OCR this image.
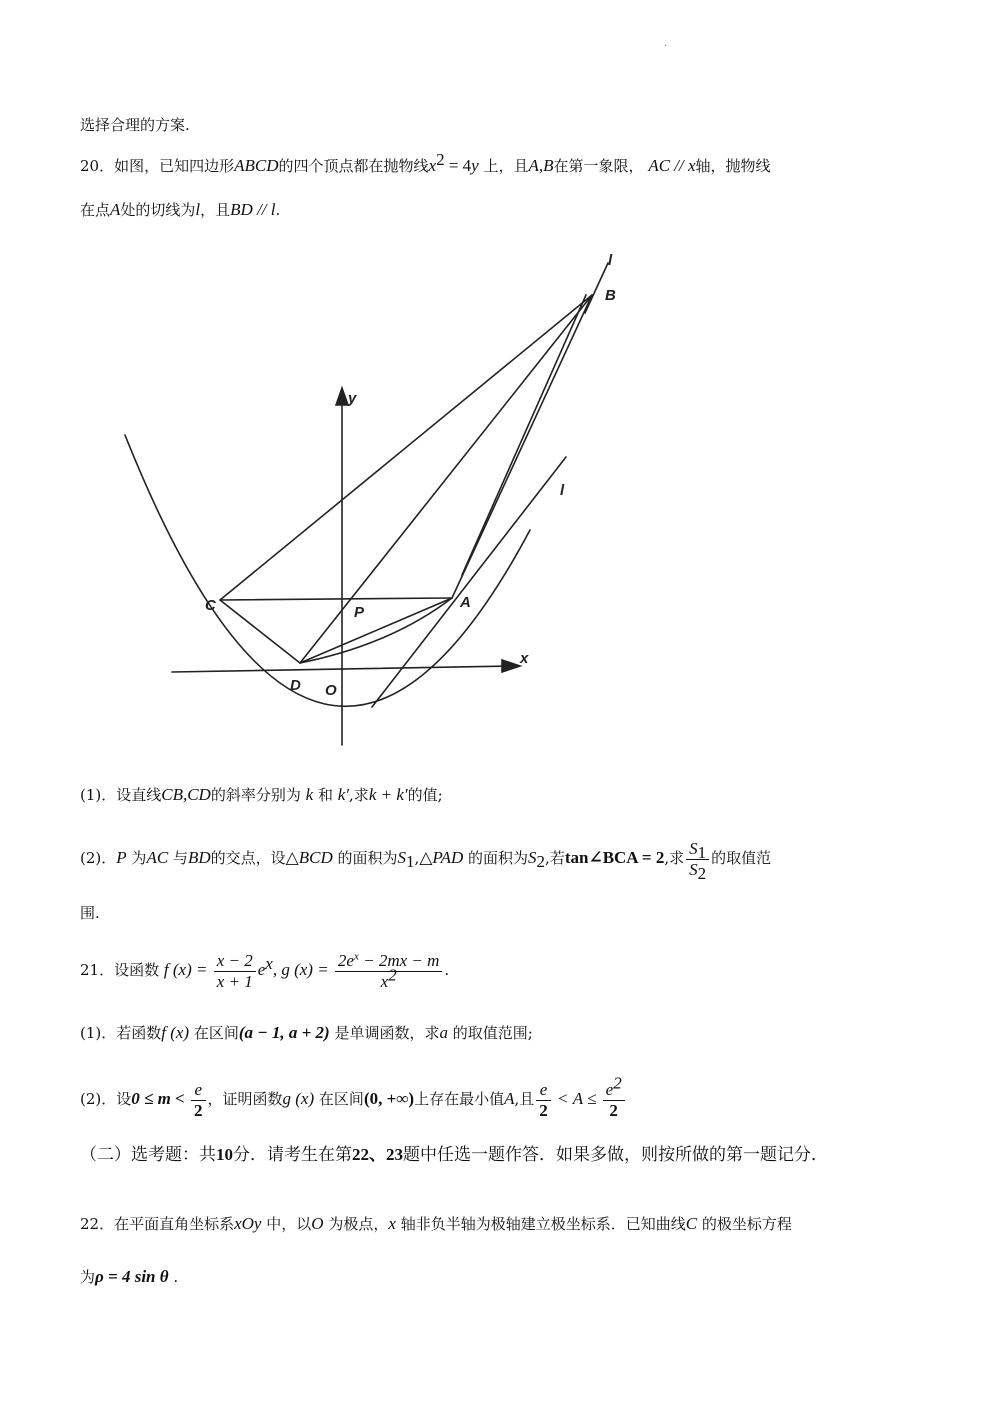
.
选择合理的方案.
20．如图，已知四边形ABCD的四个顶点都在抛物线$x^2 = 4y$ 上，且A,B在第一象限， AC // x轴，抛物线
在点A处的切线为l，且BD // l.
y
x
B
l
l
C	P
A
D O
(1)．设直线CB,CD的斜率分别为 k 和 k′,求k + k′的值;
(2)．P 为AC 与BD的交点，设△BCD 的面积为$S_1,\triangle PAD$ 的面积为$S_2$,若tan∠BCA = 2,求 $\frac{S_1}{S_2}$ 的取值范
围.
21．设函数 f $(x) = \frac{x - 2}{x + 1} e^x$, g $(x) = \frac{2e^x - 2mx - m}{x^2}$ .
(1)．若函数f (x) 在区间(a − 1, a + 2) 是单调函数，求a 的取值范围;
(2)．设$0 \le m < \frac{e}{2}$ ，证明函数g (x) 在区间(0, +∞)上存在最小值A,且 $\frac{e}{2} < A \le \frac{e^2}{2}$
（二）选考题：共10分．请考生在第22、23题中任选一题作答．如果多做，则按所做的第一题记分．
22．在平面直角坐标系xOy 中，以O 为极点，x 轴非负半轴为极轴建立极坐标系．已知曲线C 的极坐标方程
为ρ = 4 sin θ .
